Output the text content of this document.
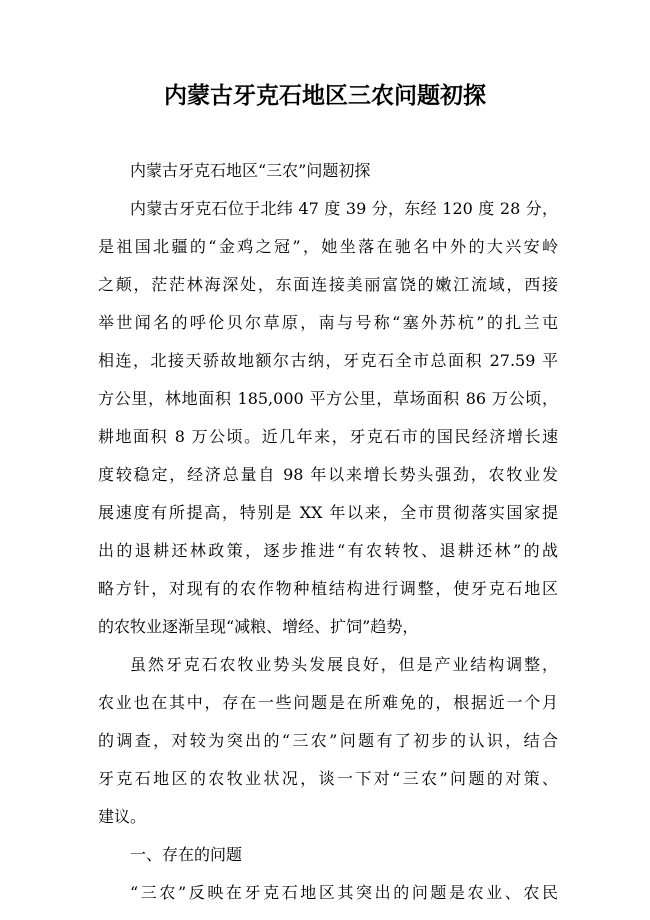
内蒙古牙克石地区三农问题初探
内蒙古牙克石地区“三农”问题初探
内蒙古牙克石位于北纬 47 度 39 分，东经 120 度 28 分，
是祖国北疆的“金鸡之冠”，她坐落在驰名中外的大兴安岭
之颠，茫茫林海深处，东面连接美丽富饶的嫩江流域，西接
举世闻名的呼伦贝尔草原，南与号称“塞外苏杭”的扎兰屯
相连，北接天骄故地额尔古纳，牙克石全市总面积 27.59 平
方公里，林地面积 185,000 平方公里，草场面积 86 万公顷，
耕地面积 8 万公顷。近几年来，牙克石市的国民经济增长速
度较稳定，经济总量自 98 年以来增长势头强劲，农牧业发
展速度有所提高，特别是 XX 年以来，全市贯彻落实国家提
出的退耕还林政策，逐步推进“有农转牧、退耕还林”的战
略方针，对现有的农作物种植结构进行调整，使牙克石地区
的农牧业逐渐呈现“减粮、增经、扩饲”趋势，
虽然牙克石农牧业势头发展良好，但是产业结构调整，
农业也在其中，存在一些问题是在所难免的，根据近一个月
的调查，对较为突出的“三农”问题有了初步的认识，结合
牙克石地区的农牧业状况，谈一下对“三农”问题的对策、
建议。
一、存在的问题
“三农”反映在牙克石地区其突出的问题是农业、农民
